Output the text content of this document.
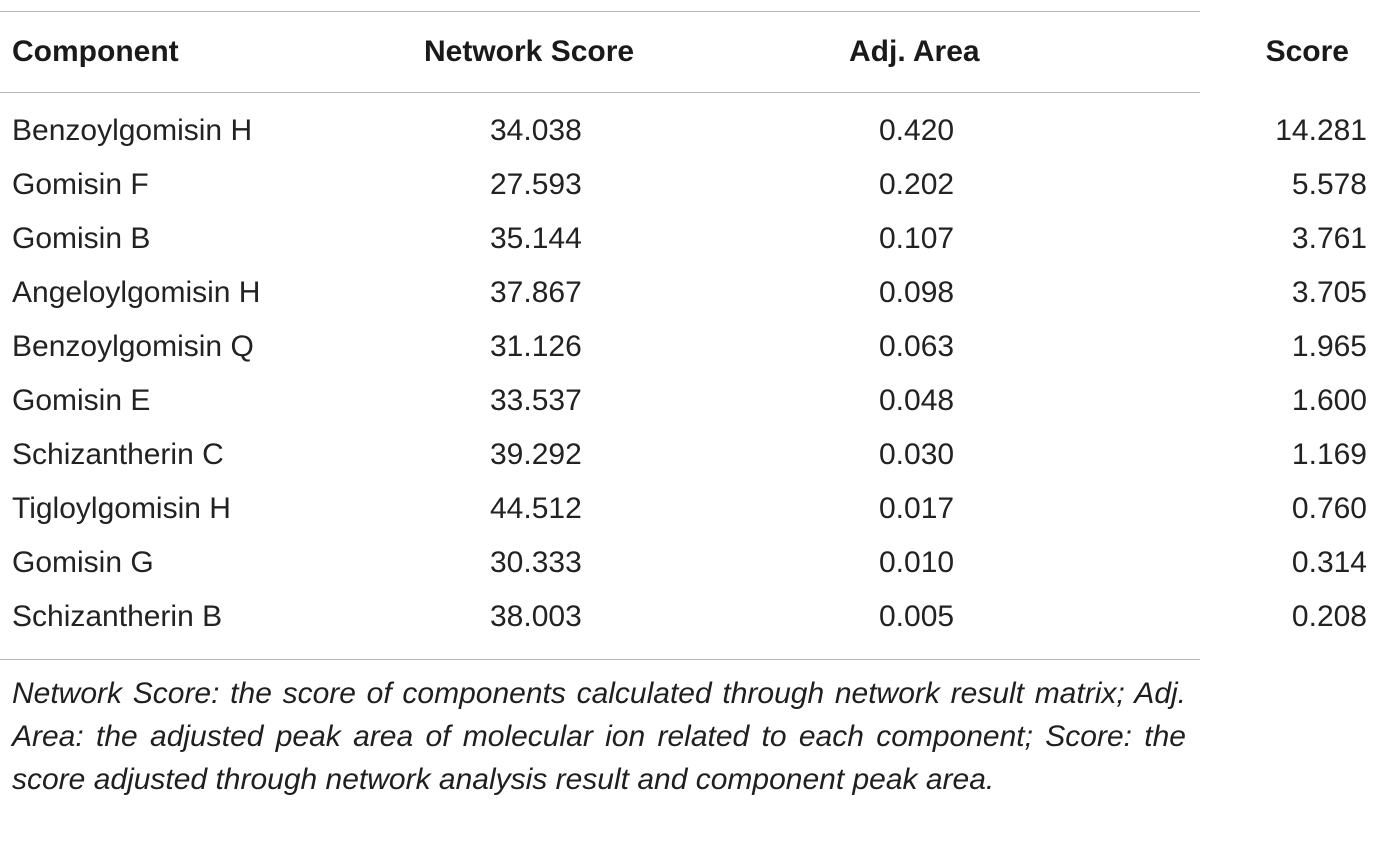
Component	Network Score	Adj. Area	Score
Benzoylgomisin H	34.038	0.420	14.281
Gomisin F	27.593	0.202	5.578
Gomisin B	35.144	0.107	3.761
Angeloylgomisin H	37.867	0.098	3.705
Benzoylgomisin Q	31.126	0.063	1.965
Gomisin E	33.537	0.048	1.600
Schizantherin C	39.292	0.030	1.169
Tigloylgomisin H	44.512	0.017	0.760
Gomisin G	30.333	0.010	0.314
Schizantherin B	38.003	0.005	0.208

Network Score: the score of components calculated through network result matrix; Adj. Area: the adjusted peak area of molecular ion related to each component; Score: the score adjusted through network analysis result and component peak area.
